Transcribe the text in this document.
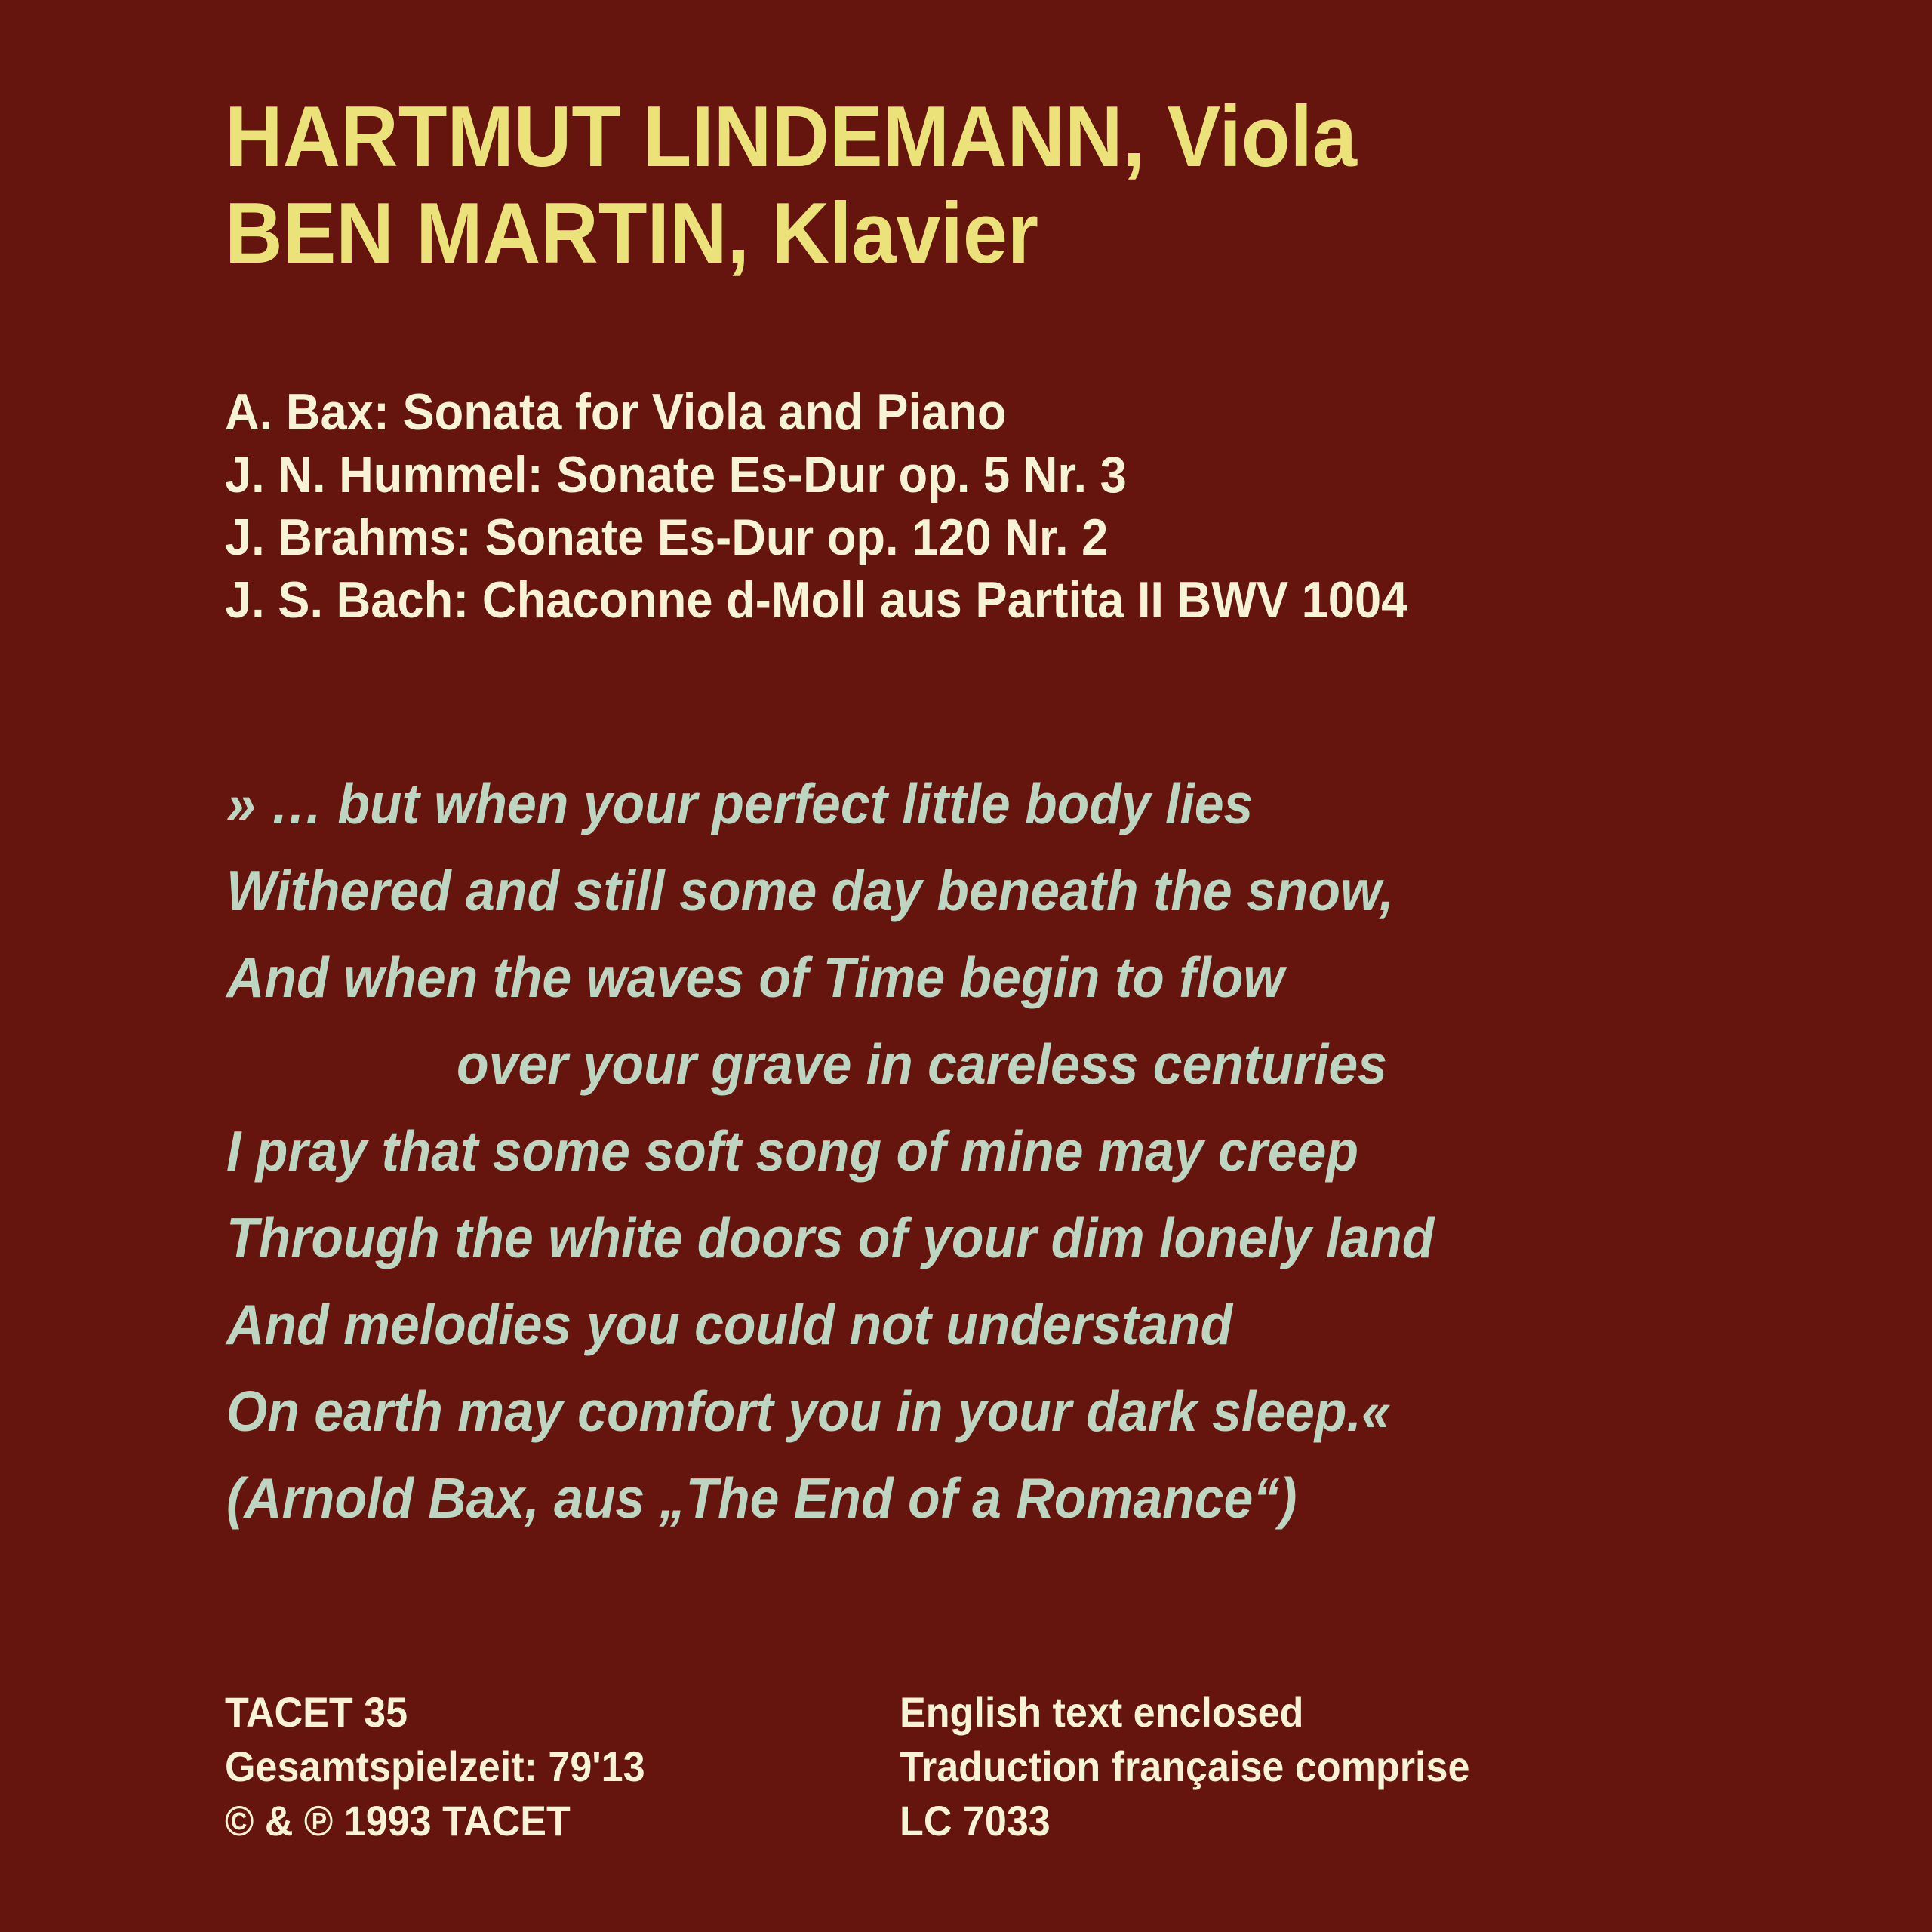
HARTMUT LINDEMANN, Viola
BEN MARTIN, Klavier
A. Bax: Sonata for Viola and Piano
J. N. Hummel: Sonate Es-Dur op. 5 Nr. 3
J. Brahms: Sonate Es-Dur op. 120 Nr. 2
J. S. Bach: Chaconne d-Moll aus Partita II BWV 1004
» … but when your perfect little body lies
Withered and still some day beneath the snow,
And when the waves of Time begin to flow
over your grave in careless centuries
I pray that some soft song of mine may creep
Through the white doors of your dim lonely land
And melodies you could not understand
On earth may comfort you in your dark sleep.«
(Arnold Bax, aus „The End of a Romance“)
TACET 35
Gesamtspielzeit: 79'13
© & ℗ 1993 TACET
English text enclosed
Traduction française comprise
LC 7033
